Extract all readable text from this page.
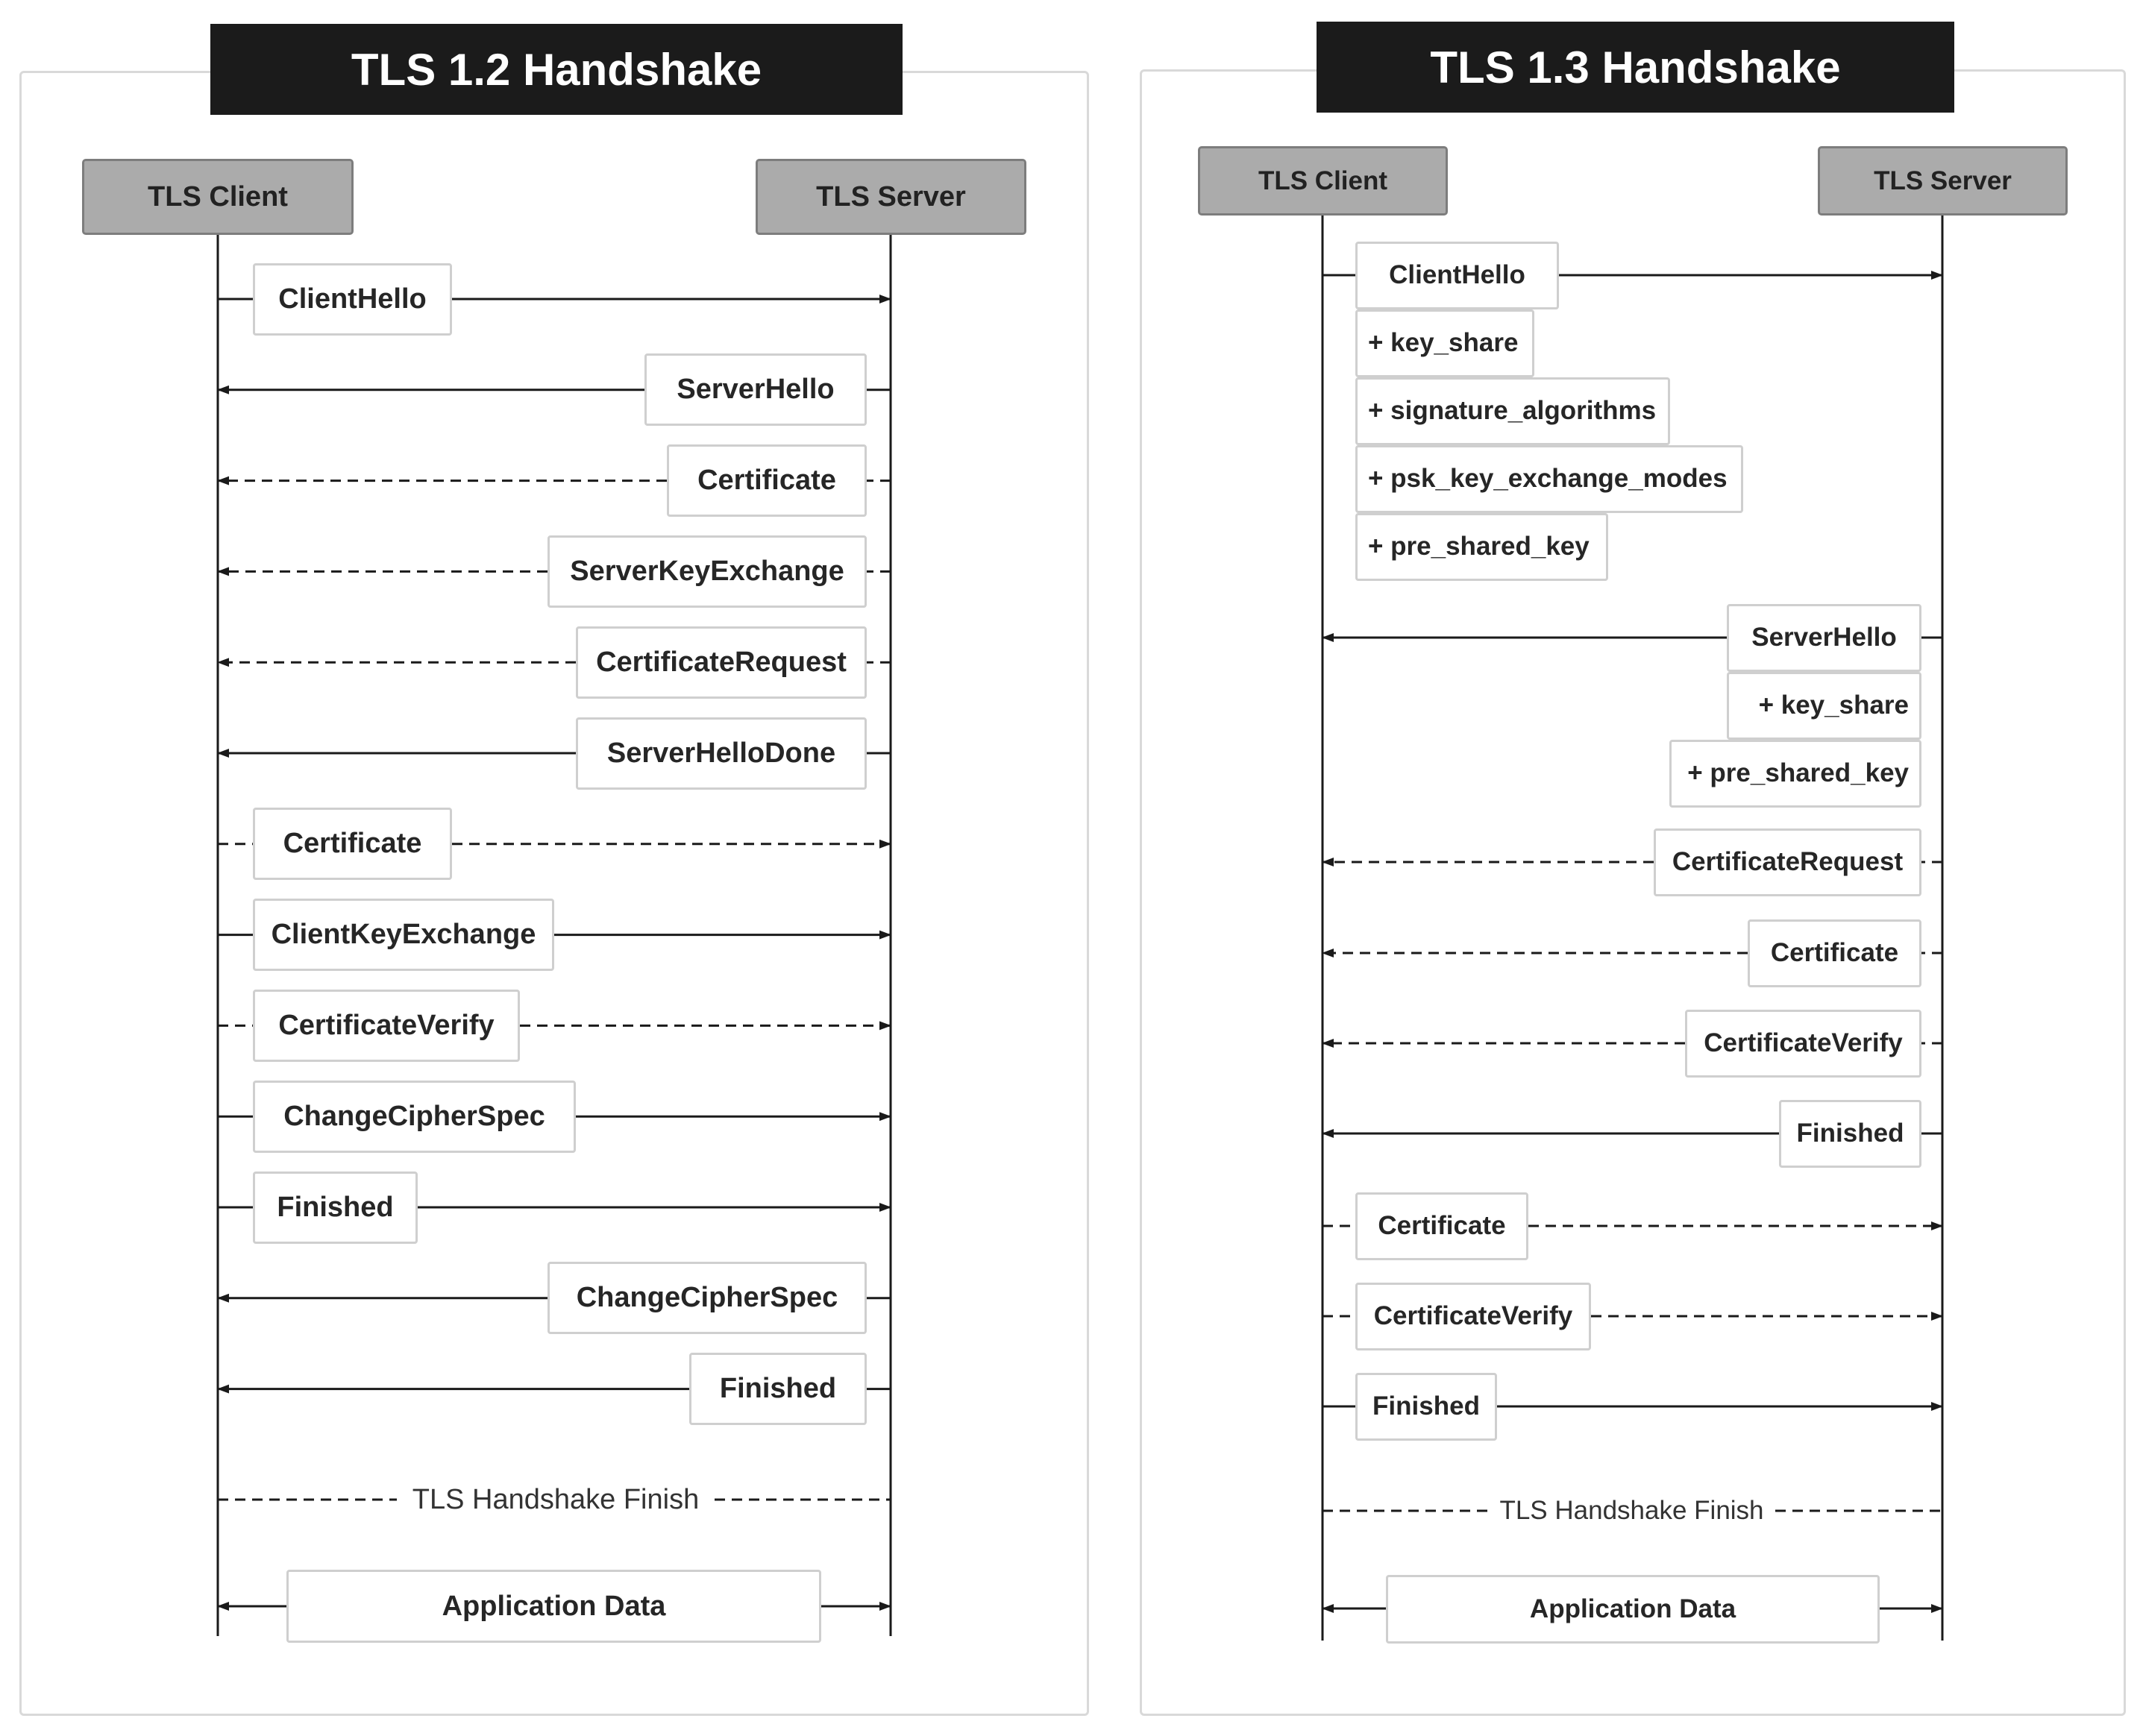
TLS 1.2 Handshake
TLS Client	TLS Server
TLS 1.3 Handshake
TLS Client	TLS Server
ClientHello
ServerHello
Certificate
ServerKeyExchange
CertificateRequest
ServerHelloDone
Certificate
ClientKeyExchange
CertificateVerify
ChangeCipherSpec
Finished
ChangeCipherSpec
Finished
TLS Handshake Finish
Application Data
ClientHello
+ key_share
+ signature_algorithms
+ psk_key_exchange_modes
+ pre_shared_key
ServerHello
+ key_share
+ pre_shared_key
CertificateRequest
Certificate
CertificateVerify
Finished
Certificate
CertificateVerify
Finished
TLS Handshake Finish
Application Data
